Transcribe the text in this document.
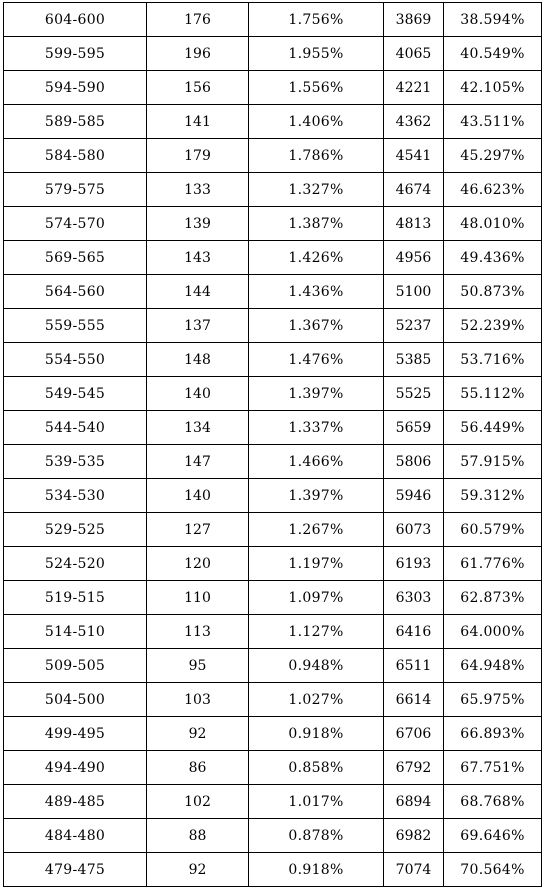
604-600	176	1.756%	3869	38.594%
599-595	196	1.955%	4065	40.549%
594-590	156	1.556%	4221	42.105%
589-585	141	1.406%	4362	43.511%
584-580	179	1.786%	4541	45.297%
579-575	133	1.327%	4674	46.623%
574-570	139	1.387%	4813	48.010%
569-565	143	1.426%	4956	49.436%
564-560	144	1.436%	5100	50.873%
559-555	137	1.367%	5237	52.239%
554-550	148	1.476%	5385	53.716%
549-545	140	1.397%	5525	55.112%
544-540	134	1.337%	5659	56.449%
539-535	147	1.466%	5806	57.915%
534-530	140	1.397%	5946	59.312%
529-525	127	1.267%	6073	60.579%
524-520	120	1.197%	6193	61.776%
519-515	110	1.097%	6303	62.873%
514-510	113	1.127%	6416	64.000%
509-505	95	0.948%	6511	64.948%
504-500	103	1.027%	6614	65.975%
499-495	92	0.918%	6706	66.893%
494-490	86	0.858%	6792	67.751%
489-485	102	1.017%	6894	68.768%
484-480	88	0.878%	6982	69.646%
479-475	92	0.918%	7074	70.564%
